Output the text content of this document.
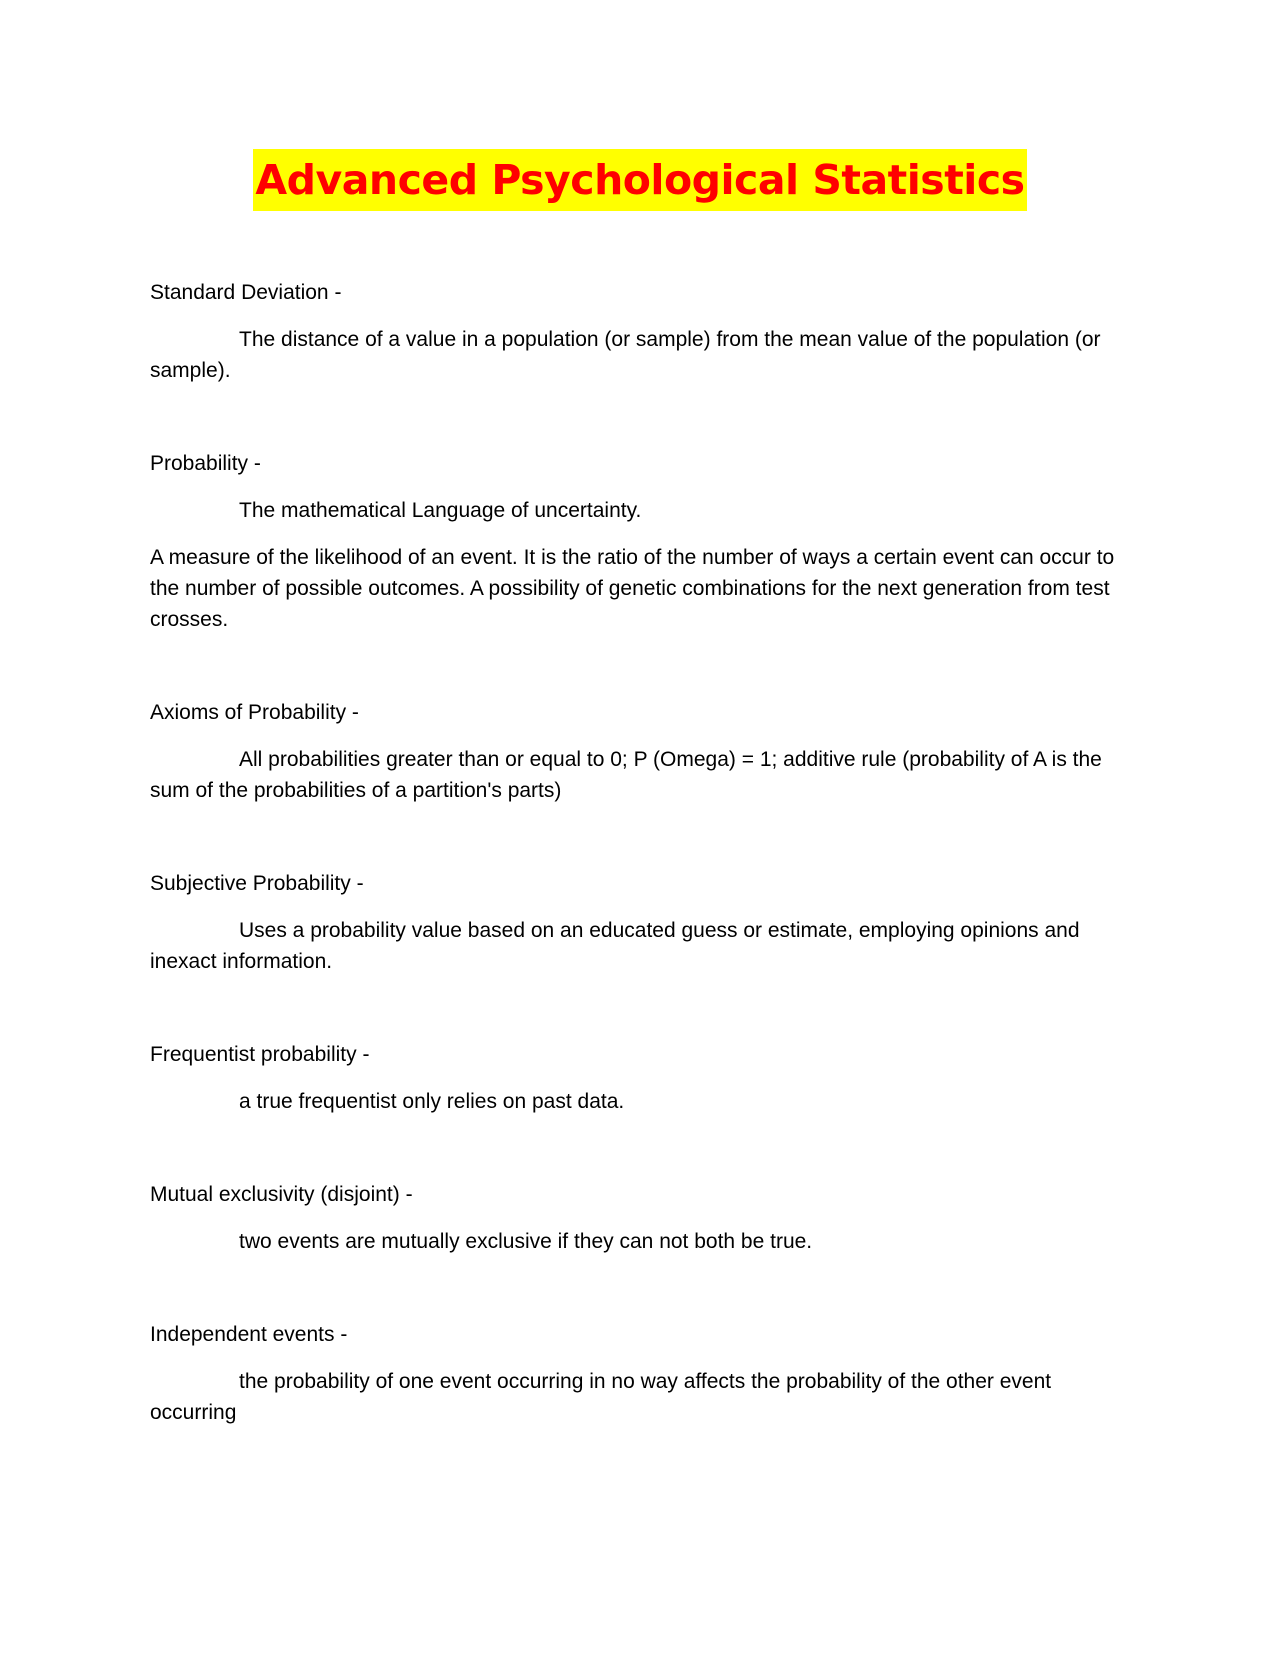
Advanced Psychological Statistics

Standard Deviation -

The distance of a value in a population (or sample) from the mean value of the population (or sample).

Probability -

The mathematical Language of uncertainty.

A measure of the likelihood of an event. It is the ratio of the number of ways a certain event can occur to the number of possible outcomes. A possibility of genetic combinations for the next generation from test crosses.

Axioms of Probability -

All probabilities greater than or equal to 0; P (Omega) = 1; additive rule (probability of A is the sum of the probabilities of a partition's parts)

Subjective Probability -

Uses a probability value based on an educated guess or estimate, employing opinions and inexact information.

Frequentist probability -

a true frequentist only relies on past data.

Mutual exclusivity (disjoint) -

two events are mutually exclusive if they can not both be true.

Independent events -

the probability of one event occurring in no way affects the probability of the other event occurring
